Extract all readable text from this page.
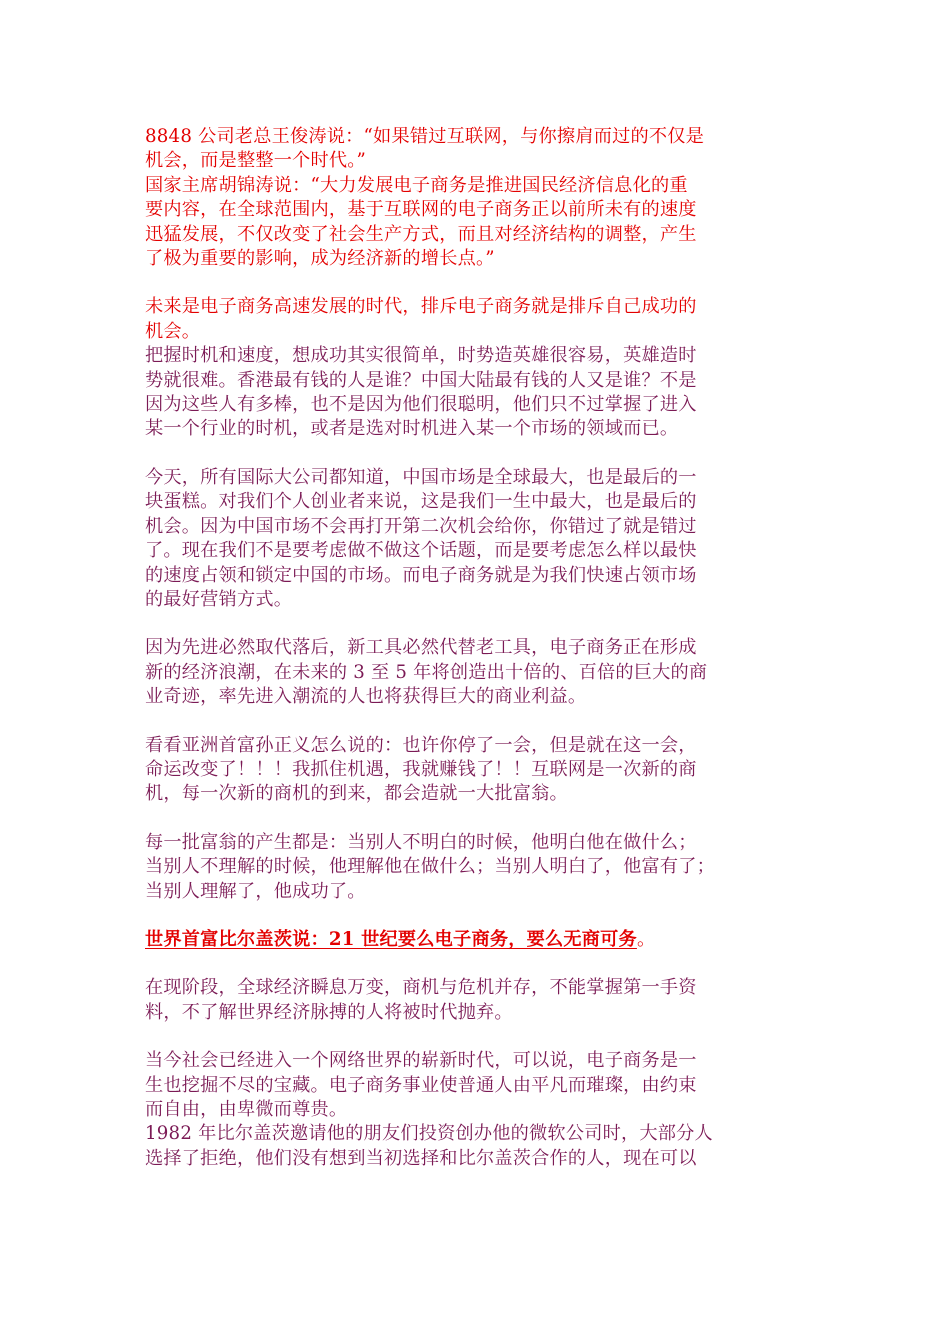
8848 公司老总王俊涛说：“如果错过互联网，与你擦肩而过的不仅是
机会，而是整整一个时代。”

国家主席胡锦涛说：“大力发展电子商务是推进国民经济信息化的重
要内容，在全球范围内，基于互联网的电子商务正以前所未有的速度
迅猛发展，不仅改变了社会生产方式，而且对经济结构的调整，产生
了极为重要的影响，成为经济新的增长点。”

未来是电子商务高速发展的时代，排斥电子商务就是排斥自己成功的
机会。

把握时机和速度，想成功其实很简单，时势造英雄很容易，英雄造时
势就很难。香港最有钱的人是谁？中国大陆最有钱的人又是谁？不是
因为这些人有多棒，也不是因为他们很聪明，他们只不过掌握了进入
某一个行业的时机，或者是选对时机进入某一个市场的领域而已。

今天，所有国际大公司都知道，中国市场是全球最大，也是最后的一
块蛋糕。对我们个人创业者来说，这是我们一生中最大，也是最后的
机会。因为中国市场不会再打开第二次机会给你，你错过了就是错过
了。现在我们不是要考虑做不做这个话题，而是要考虑怎么样以最快
的速度占领和锁定中国的市场。而电子商务就是为我们快速占领市场
的最好营销方式。

因为先进必然取代落后，新工具必然代替老工具，电子商务正在形成
新的经济浪潮，在未来的 3 至 5 年将创造出十倍的、百倍的巨大的商
业奇迹，率先进入潮流的人也将获得巨大的商业利益。

看看亚洲首富孙正义怎么说的：也许你停了一会，但是就在这一会，
命运改变了！！！我抓住机遇，我就赚钱了！！互联网是一次新的商
机，每一次新的商机的到来，都会造就一大批富翁。

每一批富翁的产生都是：当别人不明白的时候，他明白他在做什么；
当别人不理解的时候，他理解他在做什么；当别人明白了，他富有了；
当别人理解了，他成功了。

世界首富比尔盖茨说：21 世纪要么电子商务，要么无商可务。

在现阶段，全球经济瞬息万变，商机与危机并存，不能掌握第一手资
料，不了解世界经济脉搏的人将被时代抛弃。

当今社会已经进入一个网络世界的崭新时代，可以说，电子商务是一
生也挖掘不尽的宝藏。电子商务事业使普通人由平凡而璀璨，由约束
而自由，由卑微而尊贵。

1982 年比尔盖茨邀请他的朋友们投资创办他的微软公司时，大部分人
选择了拒绝，他们没有想到当初选择和比尔盖茨合作的人，现在可以
